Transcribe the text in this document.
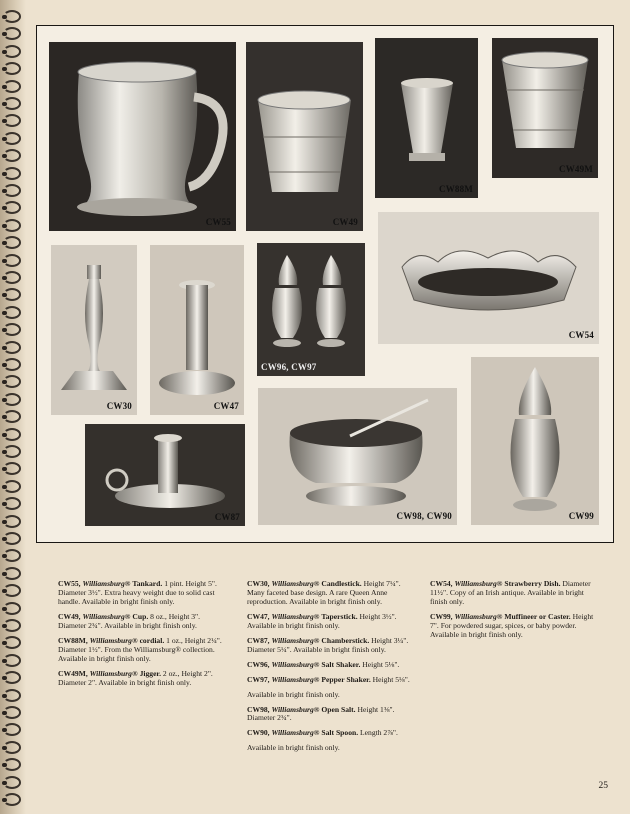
CW55	CW49
CW88M
CW49M
CW30	CW47
CW96, CW97
CW54
CW87	CW98, CW90	CW99
CW55, Williamsburg® Tankard. 1 pint. Height 5". Diameter 3½". Extra heavy weight due to solid cast handle. Available in bright finish only.
CW49, Williamsburg® Cup. 8 oz., Height 3". Diameter 2¾". Available in bright finish only.
CW88M, Williamsburg® cordial. 1 oz., Height 2¼". Diameter 1½". From the Williamsburg® collection. Available in bright finish only.
CW49M, Williamsburg® Jigger. 2 oz., Height 2". Diameter 2". Available in bright finish only.
CW30, Williamsburg® Candlestick. Height 7¼". Many faceted base design. A rare Queen Anne reproduction. Available in bright finish only.
CW47, Williamsburg® Taperstick. Height 3½". Available in bright finish only.
CW87, Williamsburg® Chamberstick. Height 3¼". Diameter 5¼". Available in bright finish only.
CW96, Williamsburg® Salt Shaker. Height 5⅛".
CW97, Williamsburg® Pepper Shaker. Height 5⅛".
Available in bright finish only.
CW98, Williamsburg® Open Salt. Height 1⅜". Diameter 2¾".
CW90, Williamsburg® Salt Spoon. Length 2⅞".
Available in bright finish only.
CW54, Williamsburg® Strawberry Dish. Diameter 11½". Copy of an Irish antique. Available in bright finish only.
CW99, Williamsburg® Muffineer or Caster. Height 7". For powdered sugar, spices, or baby powder. Available in bright finish only.
25
